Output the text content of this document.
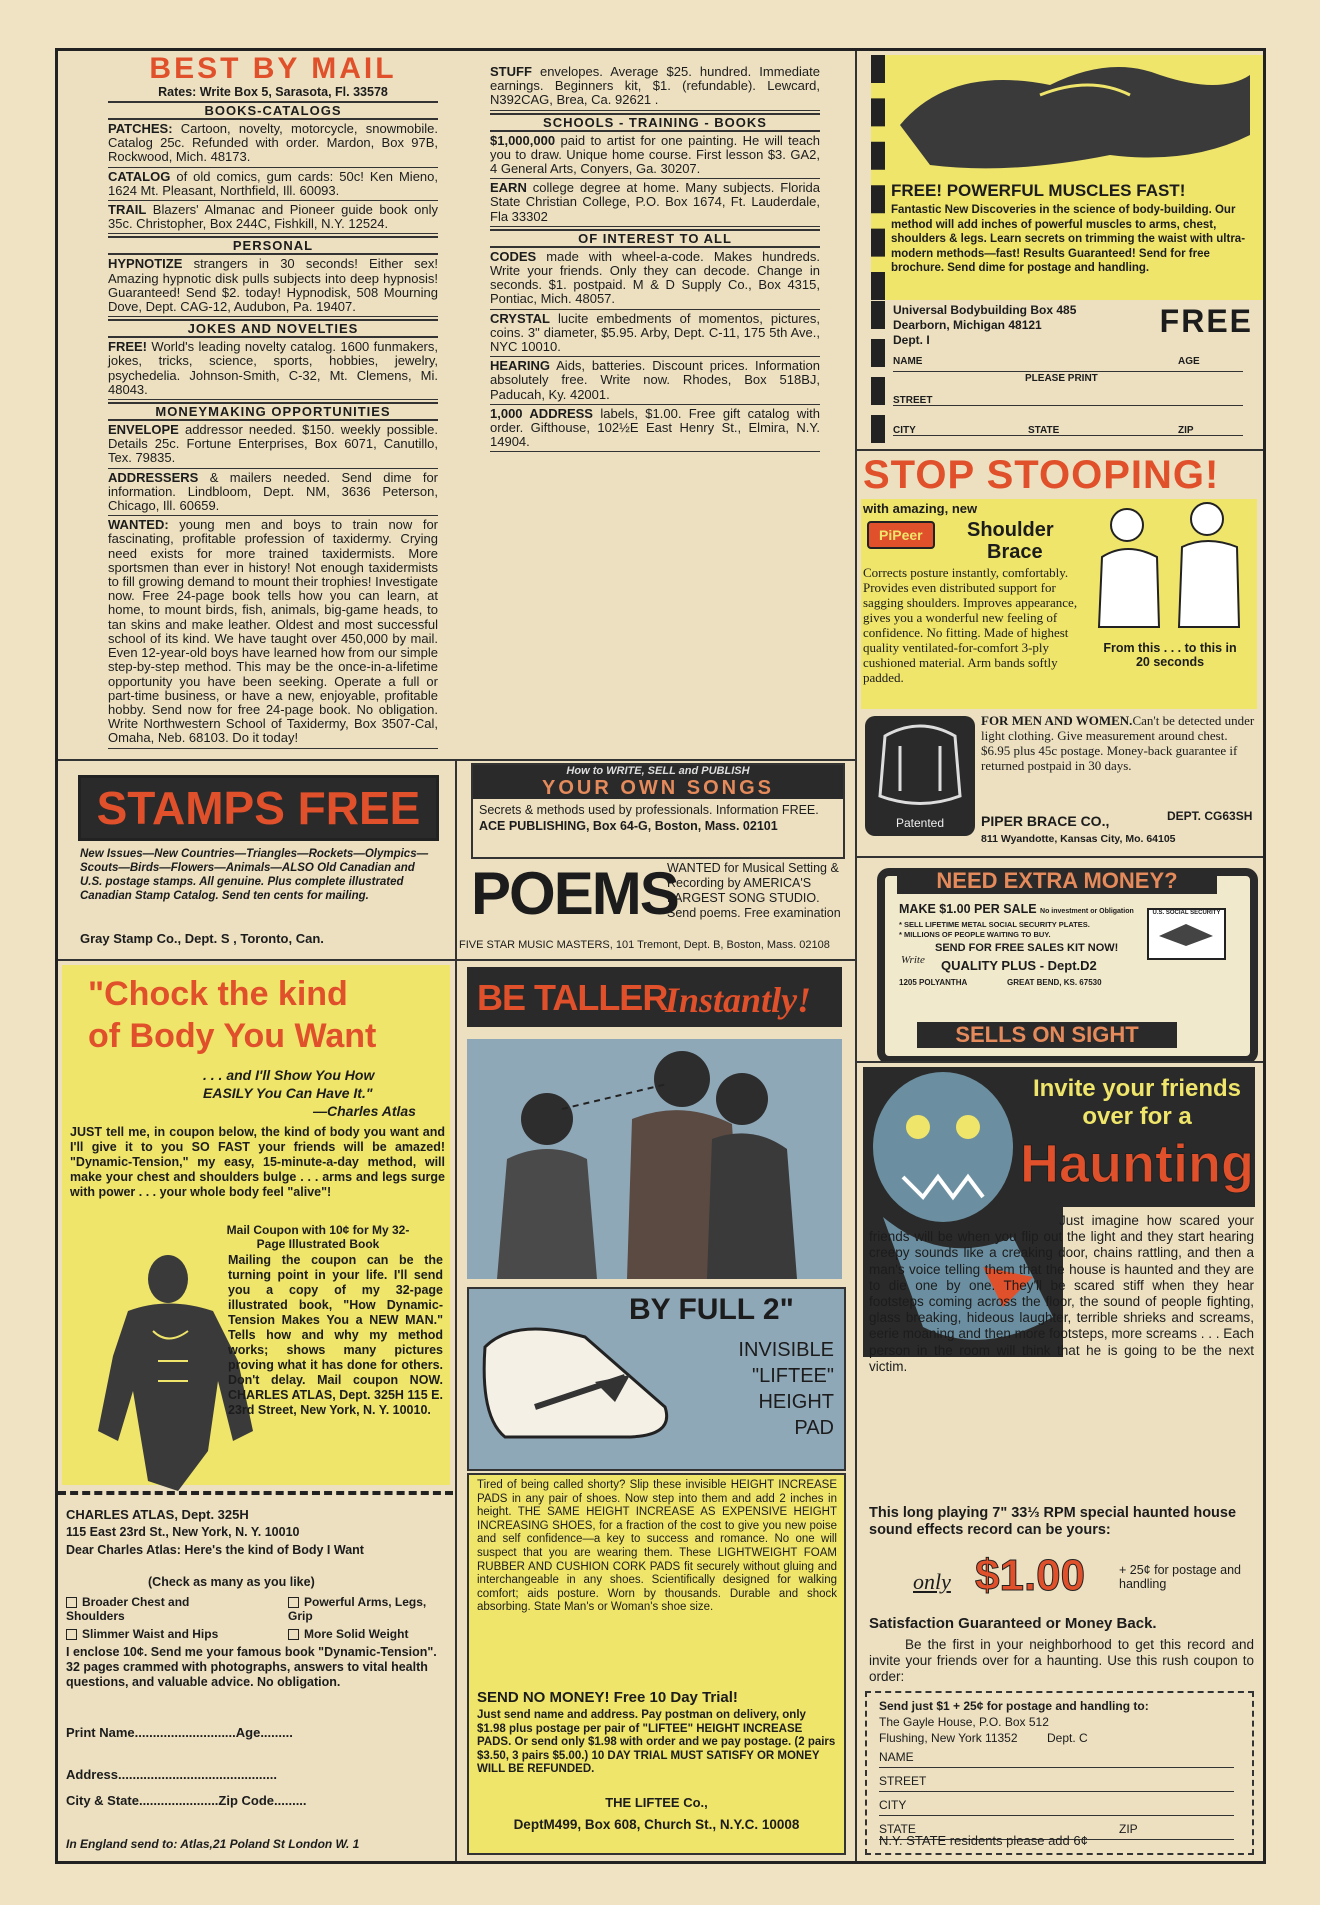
BEST BY MAIL
Rates: Write Box 5, Sarasota, Fl. 33578
BOOKS-CATALOGS

PATCHES: Cartoon, novelty, motorcycle, snowmobile. Catalog 25c. Refunded with order. Mardon, Box 97B, Rockwood, Mich. 48173.

CATALOG of old comics, gum cards: 50c! Ken Mieno, 1624 Mt. Pleasant, Northfield, Ill. 60093.

TRAIL Blazers' Almanac and Pioneer guide book only 35c. Christopher, Box 244C, Fishkill, N.Y. 12524.

PERSONAL

HYPNOTIZE strangers in 30 seconds! Either sex! Amazing hypnotic disk pulls subjects into deep hypnosis! Guaranteed! Send $2. today! Hypnodisk, 508 Mourning Dove, Dept. CAG-12, Audubon, Pa. 19407.

JOKES AND NOVELTIES

FREE! World's leading novelty catalog. 1600 funmakers, jokes, tricks, science, sports, hobbies, jewelry, psychedelia. Johnson-Smith, C-32, Mt. Clemens, Mi. 48043.

MONEYMAKING OPPORTUNITIES

ENVELOPE addressor needed. $150. weekly possible. Details 25c. Fortune Enterprises, Box 6071, Canutillo, Tex. 79835.

ADDRESSERS & mailers needed. Send dime for information. Lindbloom, Dept. NM, 3636 Peterson, Chicago, Ill. 60659.

WANTED: young men and boys to train now for fascinating, profitable profession of taxidermy. Crying need exists for more trained taxidermists. More sportsmen than ever in history! Not enough taxidermists to fill growing demand to mount their trophies! Investigate now. Free 24-page book tells how you can learn, at home, to mount birds, fish, animals, big-game heads, to tan skins and make leather. Oldest and most successful school of its kind. We have taught over 450,000 by mail. Even 12-year-old boys have learned how from our simple step-by-step method. This may be the once-in-a-lifetime opportunity you have been seeking. Operate a full or part-time business, or have a new, enjoyable, profitable hobby. Send now for free 24-page book. No obligation. Write Northwestern School of Taxidermy, Box 3507-Cal, Omaha, Neb. 68103. Do it today!

STUFF envelopes. Average $25. hundred. Immediate earnings. Beginners kit, $1. (refundable). Lewcard, N392CAG, Brea, Ca. 92621 .

SCHOOLS - TRAINING - BOOKS

$1,000,000 paid to artist for one painting. He will teach you to draw. Unique home course. First lesson $3. GA2, 4 General Arts, Conyers, Ga. 30207.

EARN college degree at home. Many subjects. Florida State Christian College, P.O. Box 1674, Ft. Lauderdale, Fla 33302

OF INTEREST TO ALL

CODES made with wheel-a-code. Makes hundreds. Write your friends. Only they can decode. Change in seconds. $1. postpaid. M & D Supply Co., Box 4315, Pontiac, Mich. 48057.

CRYSTAL lucite embedments of momentos, pictures, coins. 3" diameter, $5.95. Arby, Dept. C-11, 175 5th Ave., NYC 10010.

HEARING Aids, batteries. Discount prices. Information absolutely free. Write now. Rhodes, Box 518BJ, Paducah, Ky. 42001.

1,000 ADDRESS labels, $1.00. Free gift catalog with order. Gifthouse, 102½E East Henry St., Elmira, N.Y. 14904.

FREE! POWERFUL MUSCLES FAST!
Fantastic New Discoveries in the science of body-building. Our method will add inches of powerful muscles to arms, chest, shoulders & legs. Learn secrets on trimming the waist with ultra-modern methods—fast! Results Guaranteed! Send for free brochure. Send dime for postage and handling.
Universal Bodybuilding Box 485
Dearborn, Michigan 48121
Dept. I
FREE
NAME	AGE
PLEASE PRINT
STREET
CITY	STATE	ZIP
STOP STOOPING!
with amazing, new
PiPeer	Shoulder
Brace
Corrects posture instantly, comfortably. Provides even distributed support for sagging shoulders. Improves appearance, gives you a wonderful new feeling of confidence. No fitting. Made of highest quality ventilated-for-comfort 3-ply cushioned material. Arm bands softly padded.
From this . . . to this in 20 seconds
Patented
FOR MEN AND WOMEN.Can't be detected under light clothing. Give measurement around chest. $6.95 plus 45c postage. Money-back guarantee if returned postpaid in 30 days.
DEPT. CG63SH
PIPER BRACE CO.,
811 Wyandotte, Kansas City, Mo. 64105
STAMPS FREE
New Issues—New Countries—Triangles—Rockets—Olympics—Scouts—Birds—Flowers—Animals—ALSO Old Canadian and U.S. postage stamps. All genuine. Plus complete illustrated Canadian Stamp Catalog. Send ten cents for mailing.
Gray Stamp Co., Dept. S , Toronto, Can.
How to WRITE, SELL and PUBLISH
YOUR OWN SONGS
Secrets & methods used by professionals. Information FREE.
ACE PUBLISHING, Box 64-G, Boston, Mass. 02101
POEMS
WANTED for Musical Setting & Recording by AMERICA'S LARGEST SONG STUDIO. Send poems. Free examination
FIVE STAR MUSIC MASTERS, 101 Tremont, Dept. B, Boston, Mass. 02108
NEED EXTRA MONEY?
MAKE $1.00 PER SALE No investment or Obligation
* SELL LIFETIME METAL SOCIAL SECURITY PLATES.
* MILLIONS OF PEOPLE WAITING TO BUY.
SEND FOR FREE SALES KIT NOW!
Write QUALITY PLUS - Dept.D2
1205 POLYANTHA	GREAT BEND, KS. 67530
U.S. SOCIAL SECURITY
SELLS ON SIGHT
"Chock the kind
of Body You Want
. . . and I'll Show You How
EASILY You Can Have It."
—Charles Atlas
JUST tell me, in coupon below, the kind of body you want and I'll give it to you SO FAST your friends will be amazed! "Dynamic-Tension," my easy, 15-minute-a-day method, will make your chest and shoulders bulge . . . arms and legs surge with power . . . your whole body feel "alive"!
Mail Coupon with 10¢ for My 32-Page Illustrated Book
Mailing the coupon can be the turning point in your life. I'll send you a copy of my 32-page illustrated book, "How Dynamic-Tension Makes You a NEW MAN." Tells how and why my method works; shows many pictures proving what it has done for others. Don't delay. Mail coupon NOW. CHARLES ATLAS, Dept. 325H 115 E. 23rd Street, New York, N. Y. 10010.
CHARLES ATLAS, Dept. 325H
115 East 23rd St., New York, N. Y. 10010
Dear Charles Atlas: Here's the kind of Body I Want
(Check as many as you like)
Broader Chest and Shoulders
Powerful Arms, Legs, Grip
Slimmer Waist and Hips	More Solid Weight
I enclose 10¢. Send me your famous book "Dynamic-Tension". 32 pages crammed with photographs, answers to vital health questions, and valuable advice. No obligation.
Print Name............................Age.........
Address............................................
City & State......................Zip Code.........
In England send to: Atlas,21 Poland St London W. 1
BE TALLER
Instantly!
BY FULL 2"
INVISIBLE
"LIFTEE"
HEIGHT
PAD
Tired of being called shorty? Slip these invisible HEIGHT INCREASE PADS in any pair of shoes. Now step into them and add 2 inches in height. THE SAME HEIGHT INCREASE AS EXPENSIVE HEIGHT INCREASING SHOES, for a fraction of the cost to give you new poise and self confidence—a key to success and romance. No one will suspect that you are wearing them. These LIGHTWEIGHT FOAM RUBBER AND CUSHION CORK PADS fit securely without gluing and interchangeable in any shoes. Scientifically designed for walking comfort; aids posture. Worn by thousands. Durable and shock absorbing. State Man's or Woman's shoe size.
SEND NO MONEY! Free 10 Day Trial!
Just send name and address. Pay postman on delivery, only $1.98 plus postage per pair of "LIFTEE" HEIGHT INCREASE PADS. Or send only $1.98 with order and we pay postage. (2 pairs $3.50, 3 pairs $5.00.) 10 DAY TRIAL MUST SATISFY OR MONEY WILL BE REFUNDED.
THE LIFTEE Co.,
DeptM499, Box 608, Church St., N.Y.C. 10008
Invite your friends
over for a
Haunting
Just imagine how scared your friends will be when you flip out the light and they start hearing creepy sounds like a creaking door, chains rattling, and then a man's voice telling them that the house is haunted and they are to die one by one. They'll be scared stiff when they hear footsteps coming across the floor, the sound of people fighting, glass breaking, hideous laughter, terrible shrieks and screams, eerie moaning and then more footsteps, more screams . . . Each person in the room will think that he is going to be the next victim.
This long playing 7" 33⅓ RPM special haunted house sound effects record can be yours:
only $1.00	+ 25¢ for postage and handling
Satisfaction Guaranteed or Money Back.
Be the first in your neighborhood to get this record and invite your friends over for a haunting. Use this rush coupon to order:
Send just $1 + 25¢ for postage and handling to:
The Gayle House, P.O. Box 512
Flushing, New York 11352 Dept. C
NAME
STREET
CITY
STATE	ZIP
N.Y. STATE residents please add 6¢
